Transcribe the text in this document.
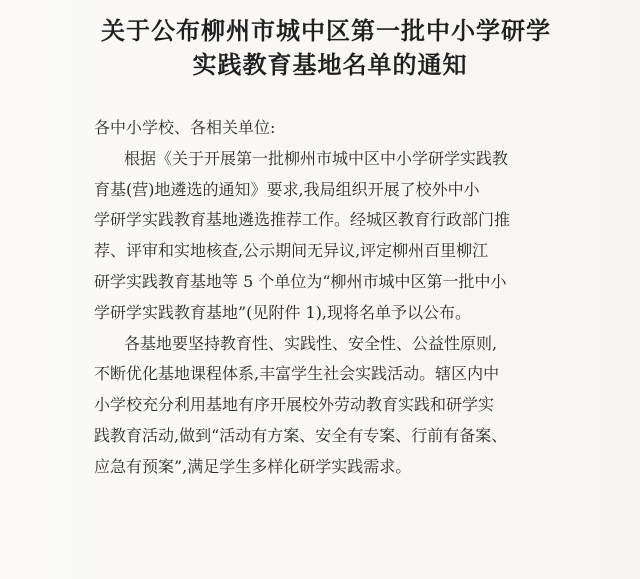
关于公布柳州市城中区第一批中小学研学
实践教育基地名单的通知
各中小学校、各相关单位:
根据《关于开展第一批柳州市城中区中小学研学实践教
育基(营)地遴选的通知》要求,我局组织开展了校外中小
学研学实践教育基地遴选推荐工作。经城区教育行政部门推
荐、评审和实地核查,公示期间无异议,评定柳州百里柳江
研学实践教育基地等 5 个单位为“柳州市城中区第一批中小
学研学实践教育基地”(见附件 1),现将名单予以公布。
各基地要坚持教育性、实践性、安全性、公益性原则,
不断优化基地课程体系,丰富学生社会实践活动。辖区内中
小学校充分利用基地有序开展校外劳动教育实践和研学实
践教育活动,做到“活动有方案、安全有专案、行前有备案、
应急有预案”,满足学生多样化研学实践需求。
